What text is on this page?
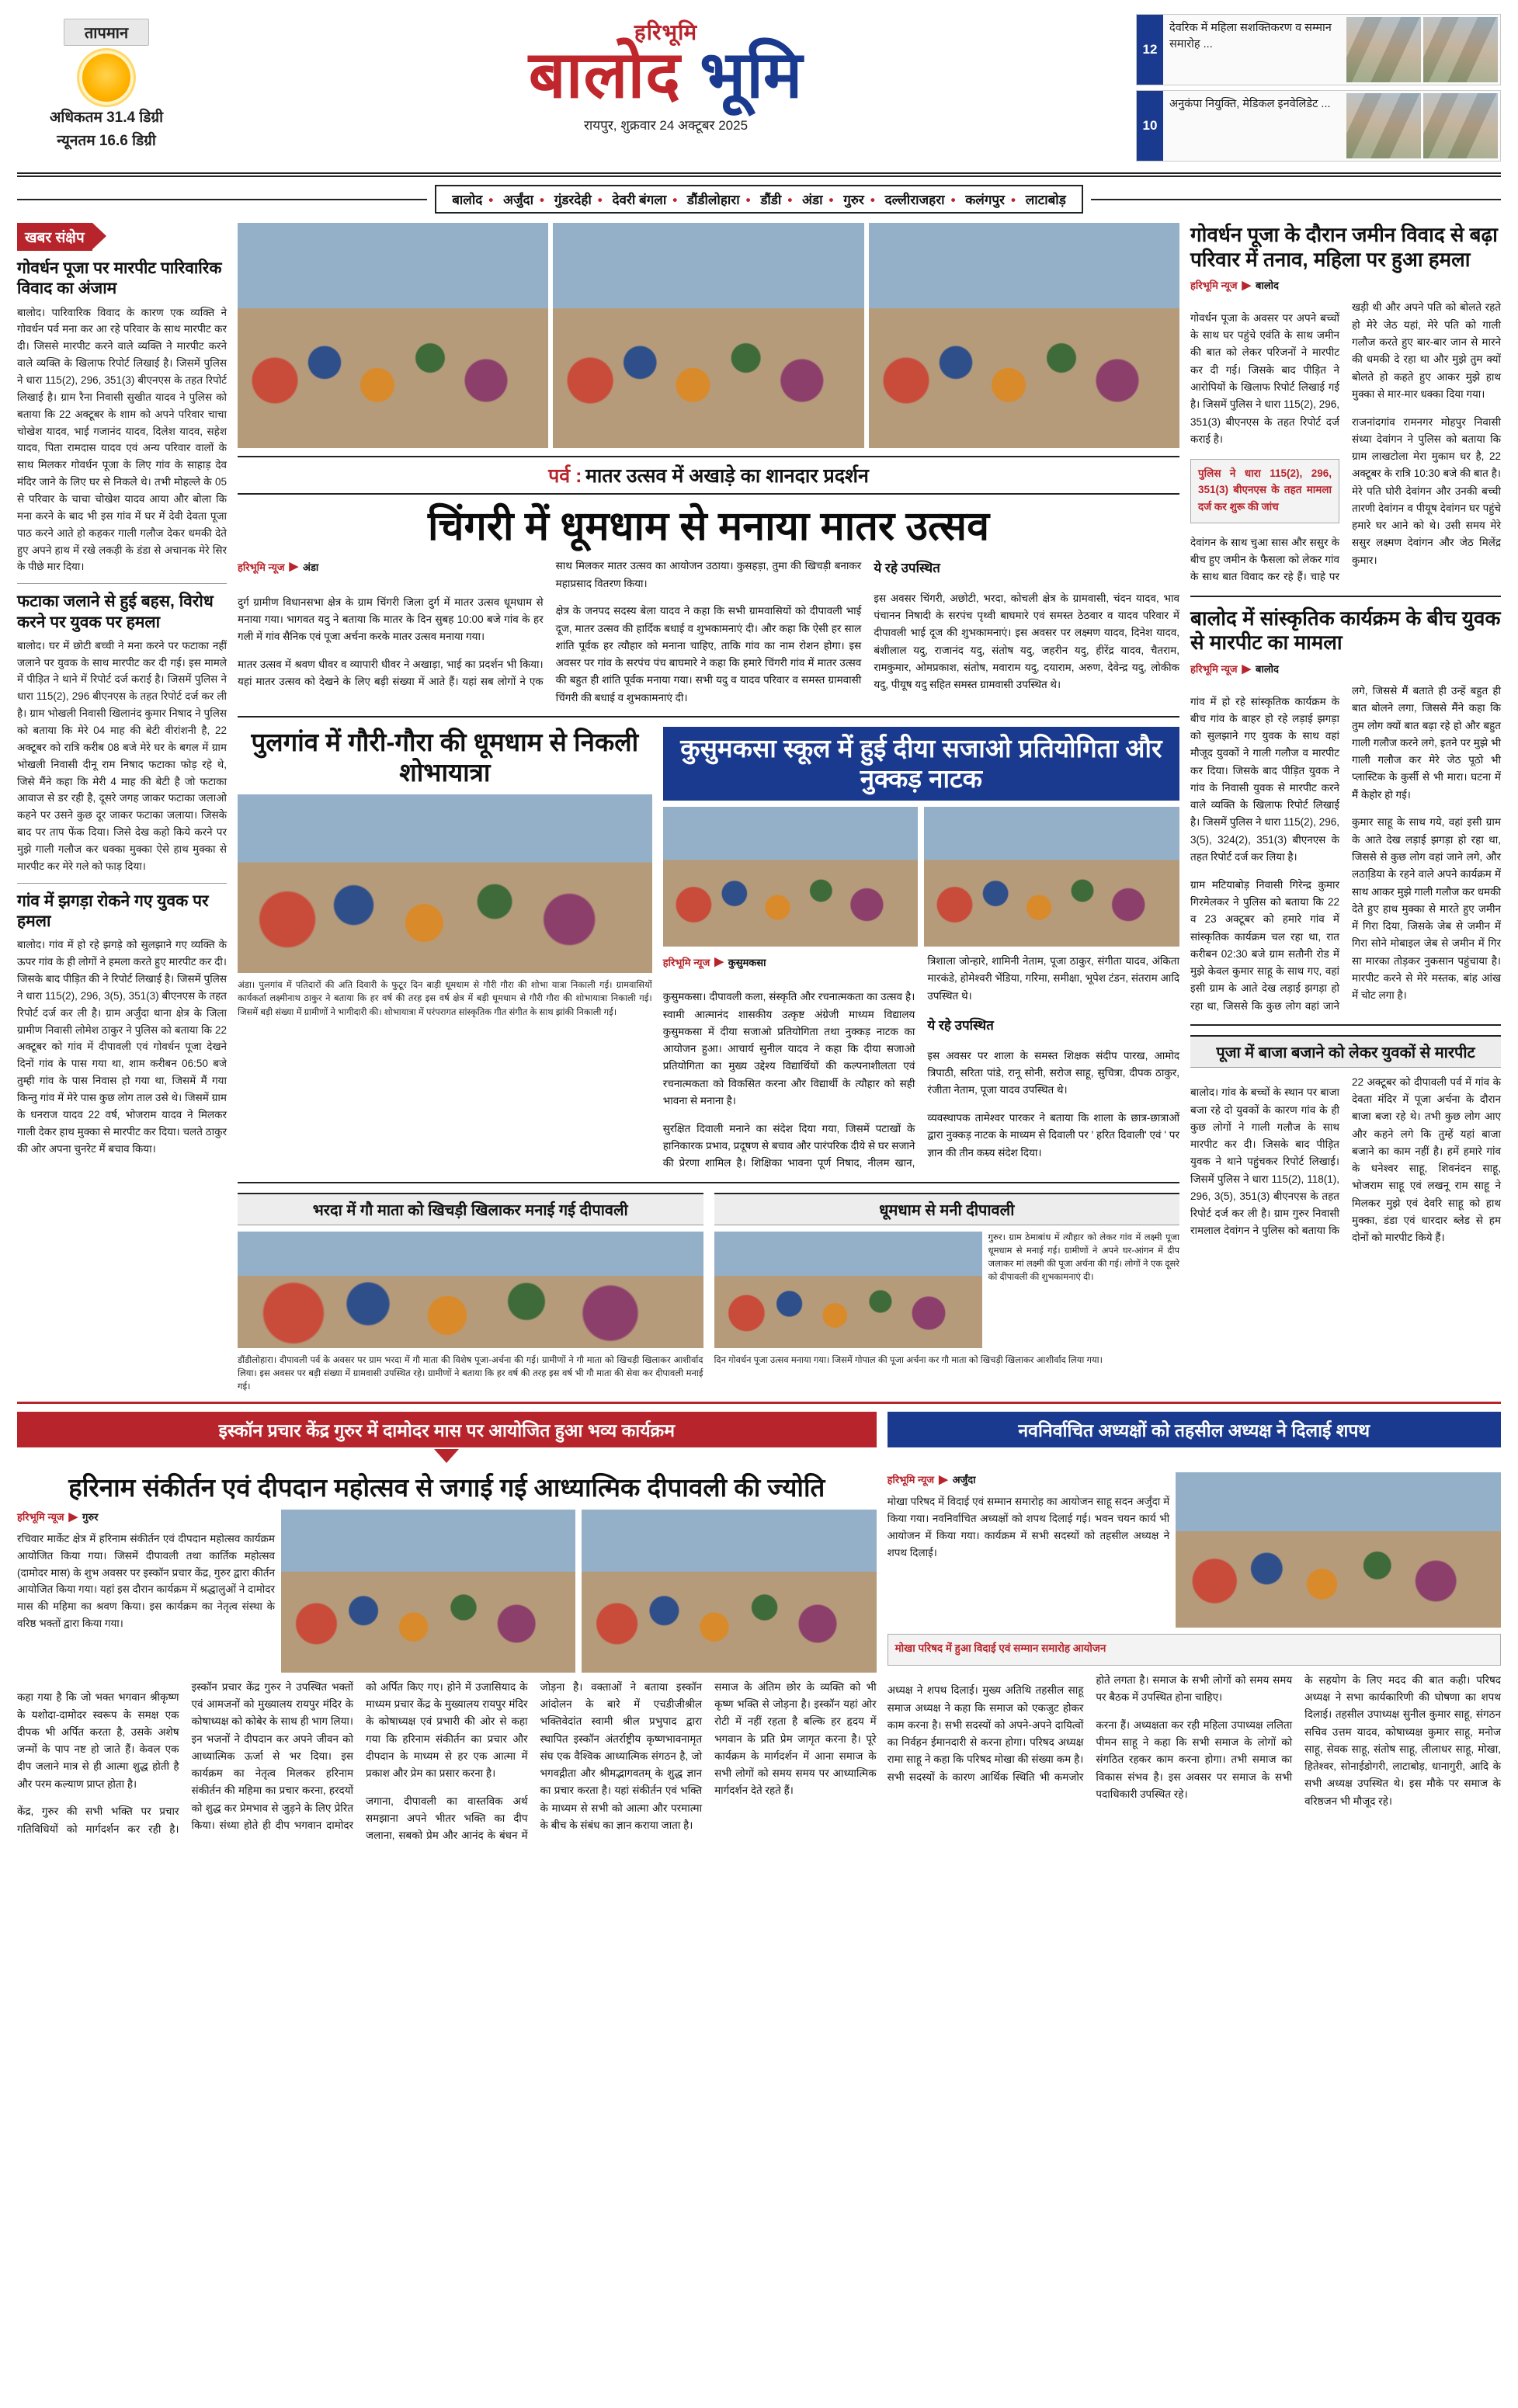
तापमान
अधिकतम 31.4 डिग्री
न्यूनतम 16.6 डिग्री
हरिभूमि
बालोद भूमि
रायपुर, शुक्रवार 24 अक्टूबर 2025
12
देवरिक में महिला सशक्तिकरण व सम्मान समारोह ...
10
अनुकंपा नियुक्ति, मेडिकल इनवेलिडेट ...
बालोद • अर्जुंदा • गुंडरदेही • देवरी बंगला • डौंडीलोहारा • डौंडी • अंडा • गुरुर • दल्लीराजहरा • कलंगपुर • लाटाबोड़
खबर संक्षेप
गोवर्धन पूजा पर मारपीट पारिवारिक विवाद का अंजाम
बालोद। पारिवारिक विवाद के कारण एक व्यक्ति ने गोवर्धन पर्व मना कर आ रहे परिवार के साथ मारपीट कर दी। जिससे मारपीट करने वाले व्यक्ति ने मारपीट करने वाले व्यक्ति के खिलाफ रिपोर्ट लिखाई है। जिसमें पुलिस ने धारा 115(2), 296, 351(3) बीएनएस के तहत रिपोर्ट लिखाई है। ग्राम रैना निवासी सुखीत यादव ने पुलिस को बताया कि 22 अक्टूबर के शाम को अपने परिवार चाचा चोखेश यादव, भाई गजानंद यादव, दिलेश यादव, सहेश यादव, पिता रामदास यादव एवं अन्य परिवार वालों के साथ मिलकर गोवर्धन पूजा के लिए गांव के साहाड़ देव मंदिर जाने के लिए घर से निकले थे। तभी मोहल्ले के 05 से परिवार के चाचा चोखेश यादव आया और बोला कि मना करने के बाद भी इस गांव में घर में देवी देवता पूजा पाठ करने आते हो कहकर गाली गलौज देकर धमकी देते हुए अपने हाथ में रखे लकड़ी के डंडा से अचानक मेरे सिर के पीछे मार दिया।
फटाका जलाने से हुई बहस, विरोध करने पर युवक पर हमला
बालोद। घर में छोटी बच्ची ने मना करने पर फटाका नहीं जलाने पर युवक के साथ मारपीट कर दी गई। इस मामले में पीड़ित ने थाने में रिपोर्ट दर्ज कराई है। जिसमें पुलिस ने धारा 115(2), 296 बीएनएस के तहत रिपोर्ट दर्ज कर ली है। ग्राम भोखली निवासी खिलानंद कुमार निषाद ने पुलिस को बताया कि मेरे 04 माह की बेटी वीरांशनी है, 22 अक्टूबर को रात्रि करीब 08 बजे मेरे घर के बगल में ग्राम भोखली निवासी दीनू राम निषाद फटाका फोड़ रहे थे, जिसे मैंने कहा कि मेरी 4 माह की बेटी है जो फटाका आवाज से डर रही है, दूसरे जगह जाकर फटाका जलाओ कहने पर उसने कुछ दूर जाकर फटाका जलाया। जिसके बाद पर ताप फेंक दिया। जिसे देख कहो किये करने पर मुझे गाली गलौज कर धक्का मुक्का ऐसे हाथ मुक्का से मारपीट कर मेरे गले को फाड़ दिया।
गांव में झगड़ा रोकने गए युवक पर हमला
बालोद। गांव में हो रहे झगड़े को सुलझाने गए व्यक्ति के ऊपर गांव के ही लोगों ने हमला करते हुए मारपीट कर दी। जिसके बाद पीड़ित की ने रिपोर्ट लिखाई है। जिसमें पुलिस ने धारा 115(2), 296, 3(5), 351(3) बीएनएस के तहत रिपोर्ट दर्ज कर ली है। ग्राम अर्जुंदा थाना क्षेत्र के जिला ग्रामीण निवासी लोमेश ठाकुर ने पुलिस को बताया कि 22 अक्टूबर को गांव में दीपावली एवं गोवर्धन पूजा देखने दिनों गांव के पास गया था, शाम करीबन 06:50 बजे तुम्ही गांव के पास निवास हो गया था, जिसमें मैं गया किन्तु गांव में मेरे पास कुछ लोग ताल उसे थे। जिसमें ग्राम के धनराज यादव 22 वर्ष, भोजराम यादव ने मिलकर गाली देकर हाथ मुक्का से मारपीट कर दिया। चलते ठाकुर की ओर अपना चुनरेट में बचाव किया।
पर्व : मातर उत्सव में अखाड़े का शानदार प्रदर्शन
चिंगरी में धूमधाम से मनाया मातर उत्सव
हरिभूमि न्यूज ▶ अंडा

दुर्ग ग्रामीण विधानसभा क्षेत्र के ग्राम चिंगरी जिला दुर्ग में मातर उत्सव धूमधाम से मनाया गया। भागवत यदु ने बताया कि मातर के दिन सुबह 10:00 बजे गांव के हर गली में गांव सैनिक एवं पूजा अर्चना करके मातर उत्सव मनाया गया।

मातर उत्सव में श्रवण धीवर व व्यापारी धीवर ने अखाड़ा, भाई का प्रदर्शन भी किया। यहां मातर उत्सव को देखने के लिए बड़ी संख्या में आते हैं। यहां सब लोगों ने एक साथ मिलकर मातर उत्सव का आयोजन उठाया। कुसहड़ा, तुमा की खिचड़ी बनाकर महाप्रसाद वितरण किया।

क्षेत्र के जनपद सदस्य बेला यादव ने कहा कि सभी ग्रामवासियों को दीपावली भाई दूज, मातर उत्सव की हार्दिक बधाई व शुभकामनाएं दी। और कहा कि ऐसी हर साल शांति पूर्वक हर त्यौहार को मनाना चाहिए, ताकि गांव का नाम रोशन होगा। इस अवसर पर गांव के सरपंच पंच बाघमारे ने कहा कि हमारे चिंगरी गांव में मातर उत्सव की बहुत ही शांति पूर्वक मनाया गया। सभी यदु व यादव परिवार व समस्त ग्रामवासी चिंगरी की बधाई व शुभकामनाएं दी।

ये रहे उपस्थित

इस अवसर चिंगरी, अछोटी, भरदा, कोचली क्षेत्र के ग्रामवासी, चंदन यादव, भाव पंचानन निषादी के सरपंच पृथ्वी बाघमारे एवं समस्त ठेठवार व यादव परिवार में दीपावली भाई दूज की शुभकामनाएं। इस अवसर पर लक्ष्मण यादव, दिनेश यादव, बंशीलाल यदु, राजानंद यदु, संतोष यदु, जहरीन यदु, हीरेंद्र यादव, चैतराम, रामकुमार, ओमप्रकाश, संतोष, मवाराम यदु, दयाराम, अरुण, देवेन्द्र यदु, लोकीक यदु, पीयूष यदु सहित समस्त ग्रामवासी उपस्थित थे।

पुलगांव में गौरी-गौरा की धूमधाम से निकली शोभायात्रा
अंडा। पुलगांव में पतिदाराें की अति दिवारी के फुटूर दिन बाड़ी धूमधाम से गौरी गौरा की शोभा यात्रा निकाली गई। ग्रामवासियों कार्यकर्ता लक्ष्मीनाथ ठाकुर ने बताया कि हर वर्ष की तरह इस वर्ष क्षेत्र में बड़ी धूमधाम से गौरी गौरा की शोभायात्रा निकाली गई। जिसमें बड़ी संख्या में ग्रामीणों ने भागीदारी की। शोभायात्रा में परंपरागत सांस्कृतिक गीत संगीत के साथ झांकी निकाली गई।
कुसुमकसा स्कूल में हुई दीया सजाओ प्रतियोगिता और नुक्कड़ नाटक
हरिभूमि न्यूज ▶ कुसुमकसा

कुसुमकसा। दीपावली कला, संस्कृति और रचनात्मकता का उत्सव है। स्वामी आत्मानंद शासकीय उत्कृष्ट अंग्रेजी माध्यम विद्यालय कुसुमकसा में दीया सजाओ प्रतियोगिता तथा नुक्कड़ नाटक का आयोजन हुआ। आचार्य सुनील यादव ने कहा कि दीया सजाओ प्रतियोगिता का मुख्य उद्देश्य विद्यार्थियों की कल्पनाशीलता एवं रचनात्मकता को विकसित करना और विद्यार्थी के त्यौहार को सही भावना से मनाना है।

सुरक्षित दिवाली मनाने का संदेश दिया गया, जिसमें पटाखों के हानिकारक प्रभाव, प्रदूषण से बचाव और पारंपरिक दीये से घर सजाने की प्रेरणा शामिल है। शिक्षिका भावना पूर्ण निषाद, नीलम खान, त्रिशाला जोन्हारे, शामिनी नेताम, पूजा ठाकुर, संगीता यादव, अंकिता मारकंडे, होमेश्वरी भेंडिया, गरिमा, समीक्षा, भूपेश टंडन, संतराम आदि उपस्थित थे।

ये रहे उपस्थित

इस अवसर पर शाला के समस्त शिक्षक संदीप पारख, आमोद त्रिपाठी, सरिता पांडे, रानू सोनी, सरोज साहू, सुचित्रा, दीपक ठाकुर, रंजीता नेताम, पूजा यादव उपस्थित थे।

व्यवस्थापक तामेश्वर पारकर ने बताया कि शाला के छात्र-छात्राओं द्वारा नुक्कड़ नाटक के माध्यम से दिवाली पर ' हरित दिवाली' एवं ' पर ज्ञान की तीन कम्र्य संदेश दिया।

भरदा में गौ माता को खिचड़ी खिलाकर मनाई गई दीपावली
डौंडीलोहारा। दीपावली पर्व के अवसर पर ग्राम भरदा में गौ माता की विशेष पूजा-अर्चना की गई। ग्रामीणों ने गौ माता को खिचड़ी खिलाकर आशीर्वाद लिया। इस अवसर पर बड़ी संख्या में ग्रामवासी उपस्थित रहे। ग्रामीणों ने बताया कि हर वर्ष की तरह इस वर्ष भी गौ माता की सेवा कर दीपावली मनाई गई।
धूमधाम से मनी दीपावली
गुरुर। ग्राम ठेमाबांध में त्यौहार को लेकर गांव में लक्ष्मी पूजा धूमधाम से मनाई गई। ग्रामीणों ने अपने घर-आंगन में दीप जलाकर मां लक्ष्मी की पूजा अर्चना की गई। लोगों ने एक दूसरे को दीपावली की शुभकामनाएं दी।
दिन गोवर्धन पूजा उत्सव मनाया गया। जिसमें गोपाल की पूजा अर्चना कर गौ माता को खिचड़ी खिलाकर आशीर्वाद लिया गया।
गोवर्धन पूजा के दौरान जमीन विवाद से बढ़ा परिवार में तनाव, महिला पर हुआ हमला
हरिभूमि न्यूज ▶ बालोद

गोवर्धन पूजा के अवसर पर अपने बच्चों के साथ घर पहुंचे एवंति के साथ जमीन की बात को लेकर परिजनों ने मारपीट कर दी गई। जिसके बाद पीड़ित ने आरोपियों के खिलाफ रिपोर्ट लिखाई गई है। जिसमें पुलिस ने धारा 115(2), 296, 351(3) बीएनएस के तहत रिपोर्ट दर्ज कराई है।

पुलिस ने धारा 115(2), 296, 351(3) बीएनएस के तहत मामला दर्ज कर शुरू की जांच

देवांगन के साथ चुआ सास और ससुर के बीच हुए जमीन के फैसला को लेकर गांव के साथ बात विवाद कर रहे हैं। चाहे पर खड़ी थी और अपने पति को बोलते रहते हो मेरे जेठ यहां, मेरे पति को गाली गलौज करते हुए बार-बार जान से मारने की धमकी दे रहा था और मुझे तुम क्यों बोलते हो कहते हुए आकर मुझे हाथ मुक्का से मार-मार धक्का दिया गया।

राजनांदगांव रामनगर मोहपुर निवासी संध्या देवांगन ने पुलिस को बताया कि ग्राम लाखटोला मेरा मुकाम घर है, 22 अक्टूबर के रात्रि 10:30 बजे की बात है। मेरे पति घोरी देवांगन और उनकी बच्ची तारणी देवांगन व पीयूष देवांगन घर पहुंचे हमारे घर आने को थे। उसी समय मेरे ससुर लक्ष्मण देवांगन और जेठ मिलेंद्र कुमार।

बालोद में सांस्कृतिक कार्यक्रम के बीच युवक से मारपीट का मामला
हरिभूमि न्यूज ▶ बालोद

गांव में हो रहे सांस्कृतिक कार्यक्रम के बीच गांव के बाहर हो रहे लड़ाई झगड़ा को सुलझाने गए युवक के साथ वहां मौजूद युवकों ने गाली गलौज व मारपीट कर दिया। जिसके बाद पीड़ित युवक ने गांव के निवासी युवक से मारपीट करने वाले व्यक्ति के खिलाफ रिपोर्ट लिखाई है। जिसमें पुलिस ने धारा 115(2), 296, 3(5), 324(2), 351(3) बीएनएस के तहत रिपोर्ट दर्ज कर लिया है।

ग्राम मटियाबोड़ निवासी गिरेन्द्र कुमार गिरमेलकर ने पुलिस को बताया कि 22 व 23 अक्टूबर को हमारे गांव में सांस्कृतिक कार्यक्रम चल रहा था, रात करीबन 02:30 बजे ग्राम सतौनी रोड में मुझे केवल कुमार साहू के साथ गए, वहां इसी ग्राम के आते देख लड़ाई झगड़ा हो रहा था, जिससे कि कुछ लोग वहां जाने लगे, जिससे मैं बताते ही उन्हें बहुत ही बात बोलने लगा, जिससे मैंने कहा कि तुम लोग क्यों बात बढ़ा रहे हो और बहुत गाली गलौज करने लगे, इतने पर मुझे भी गाली गलौज कर मेरे जेठ पूठो भी प्लास्टिक के कुर्सी से भी मारा। घटना में मैं केहोर हो गई।

कुमार साहू के साथ गये, वहां इसी ग्राम के आते देख लड़ाई झगड़ा हो रहा था, जिससे से कुछ लोग वहां जाने लगे, और लठाडि़या के रहने वाले अपने कार्यक्रम में साथ आकर मुझे गाली गलौज कर धमकी देते हुए हाथ मुक्का से मारते हुए जमीन में गिरा दिया, जिसके जेब से जमीन में गिरा सोने मोबाइल जेब से जमीन में गिर सा मारका तोड़कर नुकसान पहुंचाया है। मारपीट करने से मेरे मस्तक, बांह आंख में चोट लगा है।

पूजा में बाजा बजाने को लेकर युवकों से मारपीट

बालोद। गांव के बच्चों के स्थान पर बाजा बजा रहे दो युवकों के कारण गांव के ही कुछ लोगों ने गाली गलौज के साथ मारपीट कर दी। जिसके बाद पीड़ित युवक ने थाने पहुंचकर रिपोर्ट लिखाई। जिसमें पुलिस ने धारा 115(2), 118(1), 296, 3(5), 351(3) बीएनएस के तहत रिपोर्ट दर्ज कर ली है। ग्राम गुरुर निवासी रामलाल देवांगन ने पुलिस को बताया कि 22 अक्टूबर को दीपावली पर्व में गांव के देवता मंदिर में पूजा अर्चना के दौरान बाजा बजा रहे थे। तभी कुछ लोग आए और कहने लगे कि तुम्हें यहां बाजा बजाने का काम नहीं है। हमें हमारे गांव के धनेश्वर साहू, शिवनंदन साहू, भोजराम साहू एवं लखनू राम साहू ने मिलकर मुझे एवं देवरि साहू को हाथ मुक्का, डंडा एवं धारदार ब्लेड से हम दोनों को मारपीट किये हैं।

इस्कॉन प्रचार केंद्र गुरुर में दामोदर मास पर आयोजित हुआ भव्य कार्यक्रम	नवनिर्वाचित अध्यक्षों को तहसील अध्यक्ष ने दिलाई शपथ
हरिनाम संकीर्तन एवं दीपदान महोत्सव से जगाई गई आध्यात्मिक दीपावली की ज्योति
हरिभूमि न्यूज ▶ गुरुर
रचिवार मार्केट क्षेत्र में हरिनाम संकीर्तन एवं दीपदान महोत्सव कार्यक्रम आयोजित किया गया। जिसमें दीपावली तथा कार्तिक महोत्सव (दामोदर मास) के शुभ अवसर पर इस्कॉन प्रचार केंद्र, गुरुर द्वारा कीर्तन आयोजित किया गया। यहां इस दौरान कार्यक्रम में श्रद्धालुओं ने दामोदर मास की महिमा का श्रवण किया। इस कार्यक्रम का नेतृत्व संस्था के वरिष्ठ भक्तों द्वारा किया गया।

कहा गया है कि जो भक्त भगवान श्रीकृष्ण के यशोदा-दामोदर स्वरूप के समक्ष एक दीपक भी अर्पित करता है, उसके अशेष जन्मों के पाप नष्ट हो जाते हैं। केवल एक दीप जलाने मात्र से ही आत्मा शुद्ध होती है और परम कल्याण प्राप्त होता है।

केंद्र, गुरुर की सभी भक्ति पर प्रचार गतिविधियों को मार्गदर्शन कर रही है। इस्कॉन प्रचार केंद्र गुरुर ने उपस्थित भक्तों एवं आमजनों को मुख्यालय रायपुर मंदिर के कोषाध्यक्ष को कोबेर के साथ ही भाग लिया। इन भजनों ने दीपदान कर अपने जीवन को आध्यात्मिक ऊर्जा से भर दिया। इस कार्यक्रम का नेतृत्व मिलकर हरिनाम संकीर्तन की महिमा का प्रचार करना, हरदयों को शुद्ध कर प्रेमभाव से जुड़ने के लिए प्रेरित किया। संध्या होते ही दीप भगवान दामोदर को अर्पित किए गए। होने में उजासियाद के माध्यम प्रचार केंद्र के मुख्यालय रायपुर मंदिर के कोषाध्यक्ष एवं प्रभारी की ओर से कहा गया कि हरिनाम संकीर्तन का प्रचार और दीपदान के माध्यम से हर एक आत्मा में प्रकाश और प्रेम का प्रसार करना है।

जगाना, दीपावली का वास्तविक अर्थ समझाना अपने भीतर भक्ति का दीप जलाना, सबको प्रेम और आनंद के बंधन में जोड़ना है। वक्ताओं ने बताया इस्कॉन आंदोलन के बारे में एचडीजीश्रील भक्तिवेदांत स्वामी श्रील प्रभुपाद द्वारा स्थापित इस्कॉन अंतर्राष्ट्रीय कृष्णभावनामृत संघ एक वैश्विक आध्यात्मिक संगठन है, जो भगवद्गीता और श्रीमद्भागवतम् के शुद्ध ज्ञान का प्रचार करता है। यहां संकीर्तन एवं भक्ति के माध्यम से सभी को आत्मा और परमात्मा के बीच के संबंध का ज्ञान कराया जाता है।

समाज के अंतिम छोर के व्यक्ति को भी कृष्ण भक्ति से जोड़ना है। इस्कॉन यहां ओर रोटी में नहीं रहता है बल्कि हर हृदय में भगवान के प्रति प्रेम जागृत करना है। पूरे कार्यक्रम के मार्गदर्शन में आना समाज के सभी लोगों को समय समय पर आध्यात्मिक मार्गदर्शन देते रहते हैं।

हरिभूमि न्यूज ▶ अर्जुंदा
मोखा परिषद में विदाई एवं सम्मान समारोह का आयोजन साहू सदन अर्जुंदा में किया गया। नवनिर्वाचित अध्यक्षों को शपथ दिलाई गई। भवन चयन कार्य भी आयोजन में किया गया। कार्यक्रम में सभी सदस्यों को तहसील अध्यक्ष ने शपथ दिलाई।
मोखा परिषद में हुआ विदाई एवं सम्मान समारोह आयोजन

अध्यक्ष ने शपथ दिलाई। मुख्य अतिथि तहसील साहू समाज अध्यक्ष ने कहा कि समाज को एकजुट होकर काम करना है। सभी सदस्यों को अपने-अपने दायित्वों का निर्वहन ईमानदारी से करना होगा। परिषद अध्यक्ष रामा साहू ने कहा कि परिषद मोखा की संख्या कम है। सभी सदस्यों के कारण आर्थिक स्थिति भी कमजोर होते लगता है। समाज के सभी लोगों को समय समय पर बैठक में उपस्थित होना चाहिए।

करना हैं। अध्यक्षता कर रही महिला उपाध्यक्ष ललिता पीमन साहू ने कहा कि सभी समाज के लोगों को संगठित रहकर काम करना होगा। तभी समाज का विकास संभव है। इस अवसर पर समाज के सभी पदाधिकारी उपस्थित रहे।

के सहयोग के लिए मदद की बात कही। परिषद अध्यक्ष ने सभा कार्यकारिणी की घोषणा का शपथ दिलाई। तहसील उपाध्यक्ष सुनील कुमार साहू, संगठन सचिव उत्तम यादव, कोषाध्यक्ष कुमार साहू, मनोज साहू, सेवक साहू, संतोष साहू, लीलाधर साहू, मोखा, हितेश्वर, सोनाईडोगरी, लाटाबोड़, धानागुरी, आदि के सभी अध्यक्ष उपस्थित थे। इस मौके पर समाज के वरिष्ठजन भी मौजूद रहे।
